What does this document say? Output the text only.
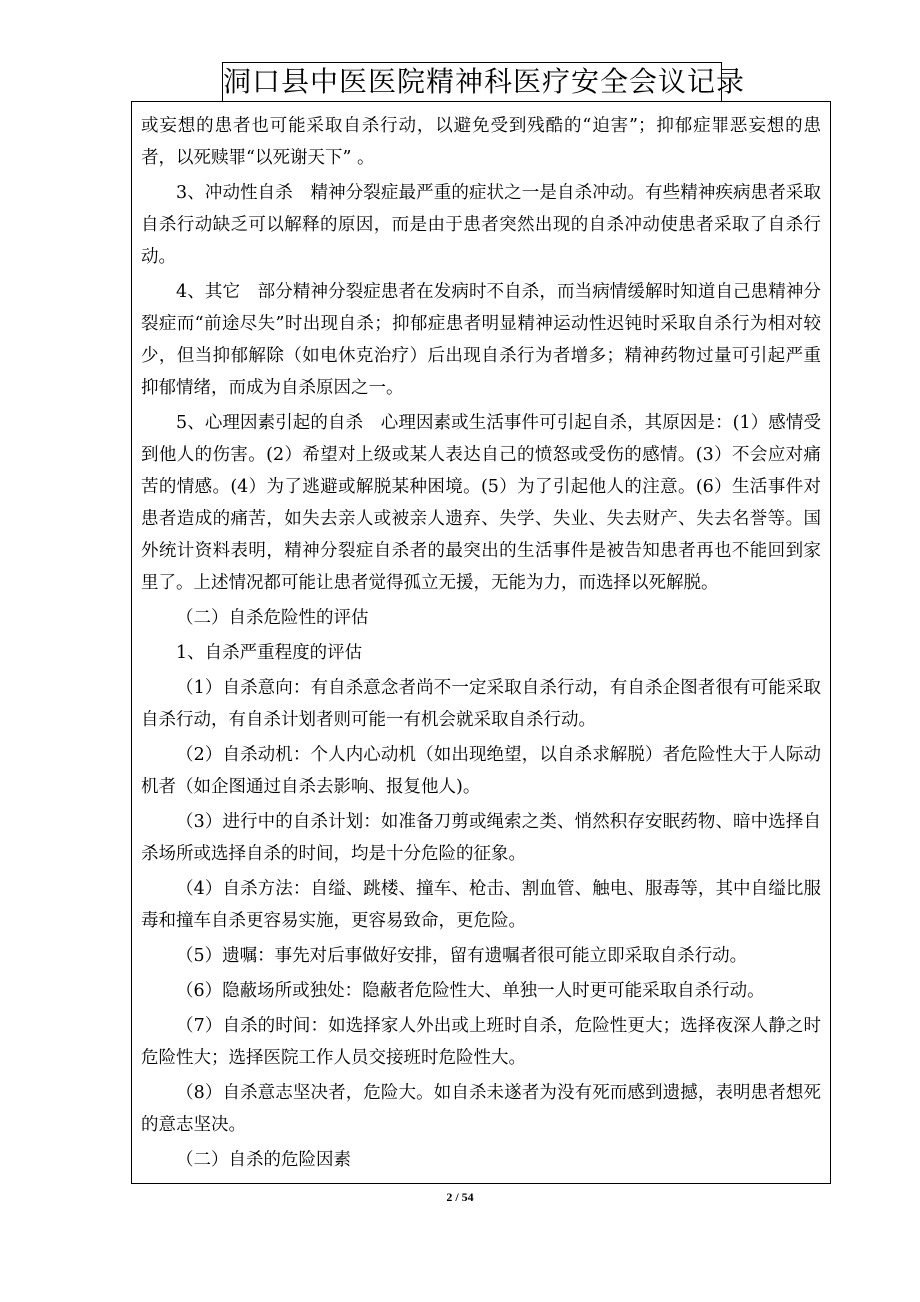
洞口县中医医院精神科医疗安全会议记录

或妄想的患者也可能采取自杀行动，以避免受到残酷的“迫害”；抑郁症罪恶妄想的患者，以死赎罪“以死谢天下” 。

3、冲动性自杀　精神分裂症最严重的症状之一是自杀冲动。有些精神疾病患者采取自杀行动缺乏可以解释的原因，而是由于患者突然出现的自杀冲动使患者采取了自杀行动。

4、其它　部分精神分裂症患者在发病时不自杀，而当病情缓解时知道自己患精神分裂症而“前途尽失”时出现自杀；抑郁症患者明显精神运动性迟钝时采取自杀行为相对较少，但当抑郁解除（如电休克治疗）后出现自杀行为者增多；精神药物过量可引起严重抑郁情绪，而成为自杀原因之一。

5、心理因素引起的自杀　心理因素或生活事件可引起自杀，其原因是：(1）感情受到他人的伤害。(2）希望对上级或某人表达自己的愤怒或受伤的感情。(3）不会应对痛苦的情感。(4）为了逃避或解脱某种困境。(5）为了引起他人的注意。(6）生活事件对患者造成的痛苦，如失去亲人或被亲人遗弃、失学、失业、失去财产、失去名誉等。国外统计资料表明，精神分裂症自杀者的最突出的生活事件是被告知患者再也不能回到家里了。上述情况都可能让患者觉得孤立无援，无能为力，而选择以死解脱。

（二）自杀危险性的评估

1、自杀严重程度的评估

（1）自杀意向：有自杀意念者尚不一定采取自杀行动，有自杀企图者很有可能采取自杀行动，有自杀计划者则可能一有机会就采取自杀行动。

（2）自杀动机：个人内心动机（如出现绝望，以自杀求解脱）者危险性大于人际动机者（如企图通过自杀去影响、报复他人)。

（3）进行中的自杀计划：如准备刀剪或绳索之类、悄然积存安眠药物、暗中选择自杀场所或选择自杀的时间，均是十分危险的征象。

（4）自杀方法：自缢、跳楼、撞车、枪击、割血管、触电、服毒等，其中自缢比服毒和撞车自杀更容易实施，更容易致命，更危险。

（5）遗嘱：事先对后事做好安排，留有遗嘱者很可能立即采取自杀行动。

（6）隐蔽场所或独处：隐蔽者危险性大、单独一人时更可能采取自杀行动。

（7）自杀的时间：如选择家人外出或上班时自杀，危险性更大；选择夜深人静之时危险性大；选择医院工作人员交接班时危险性大。

（8）自杀意志坚决者，危险大。如自杀未遂者为没有死而感到遗撼，表明患者想死的意志坚决。

（二）自杀的危险因素

2 / 54
